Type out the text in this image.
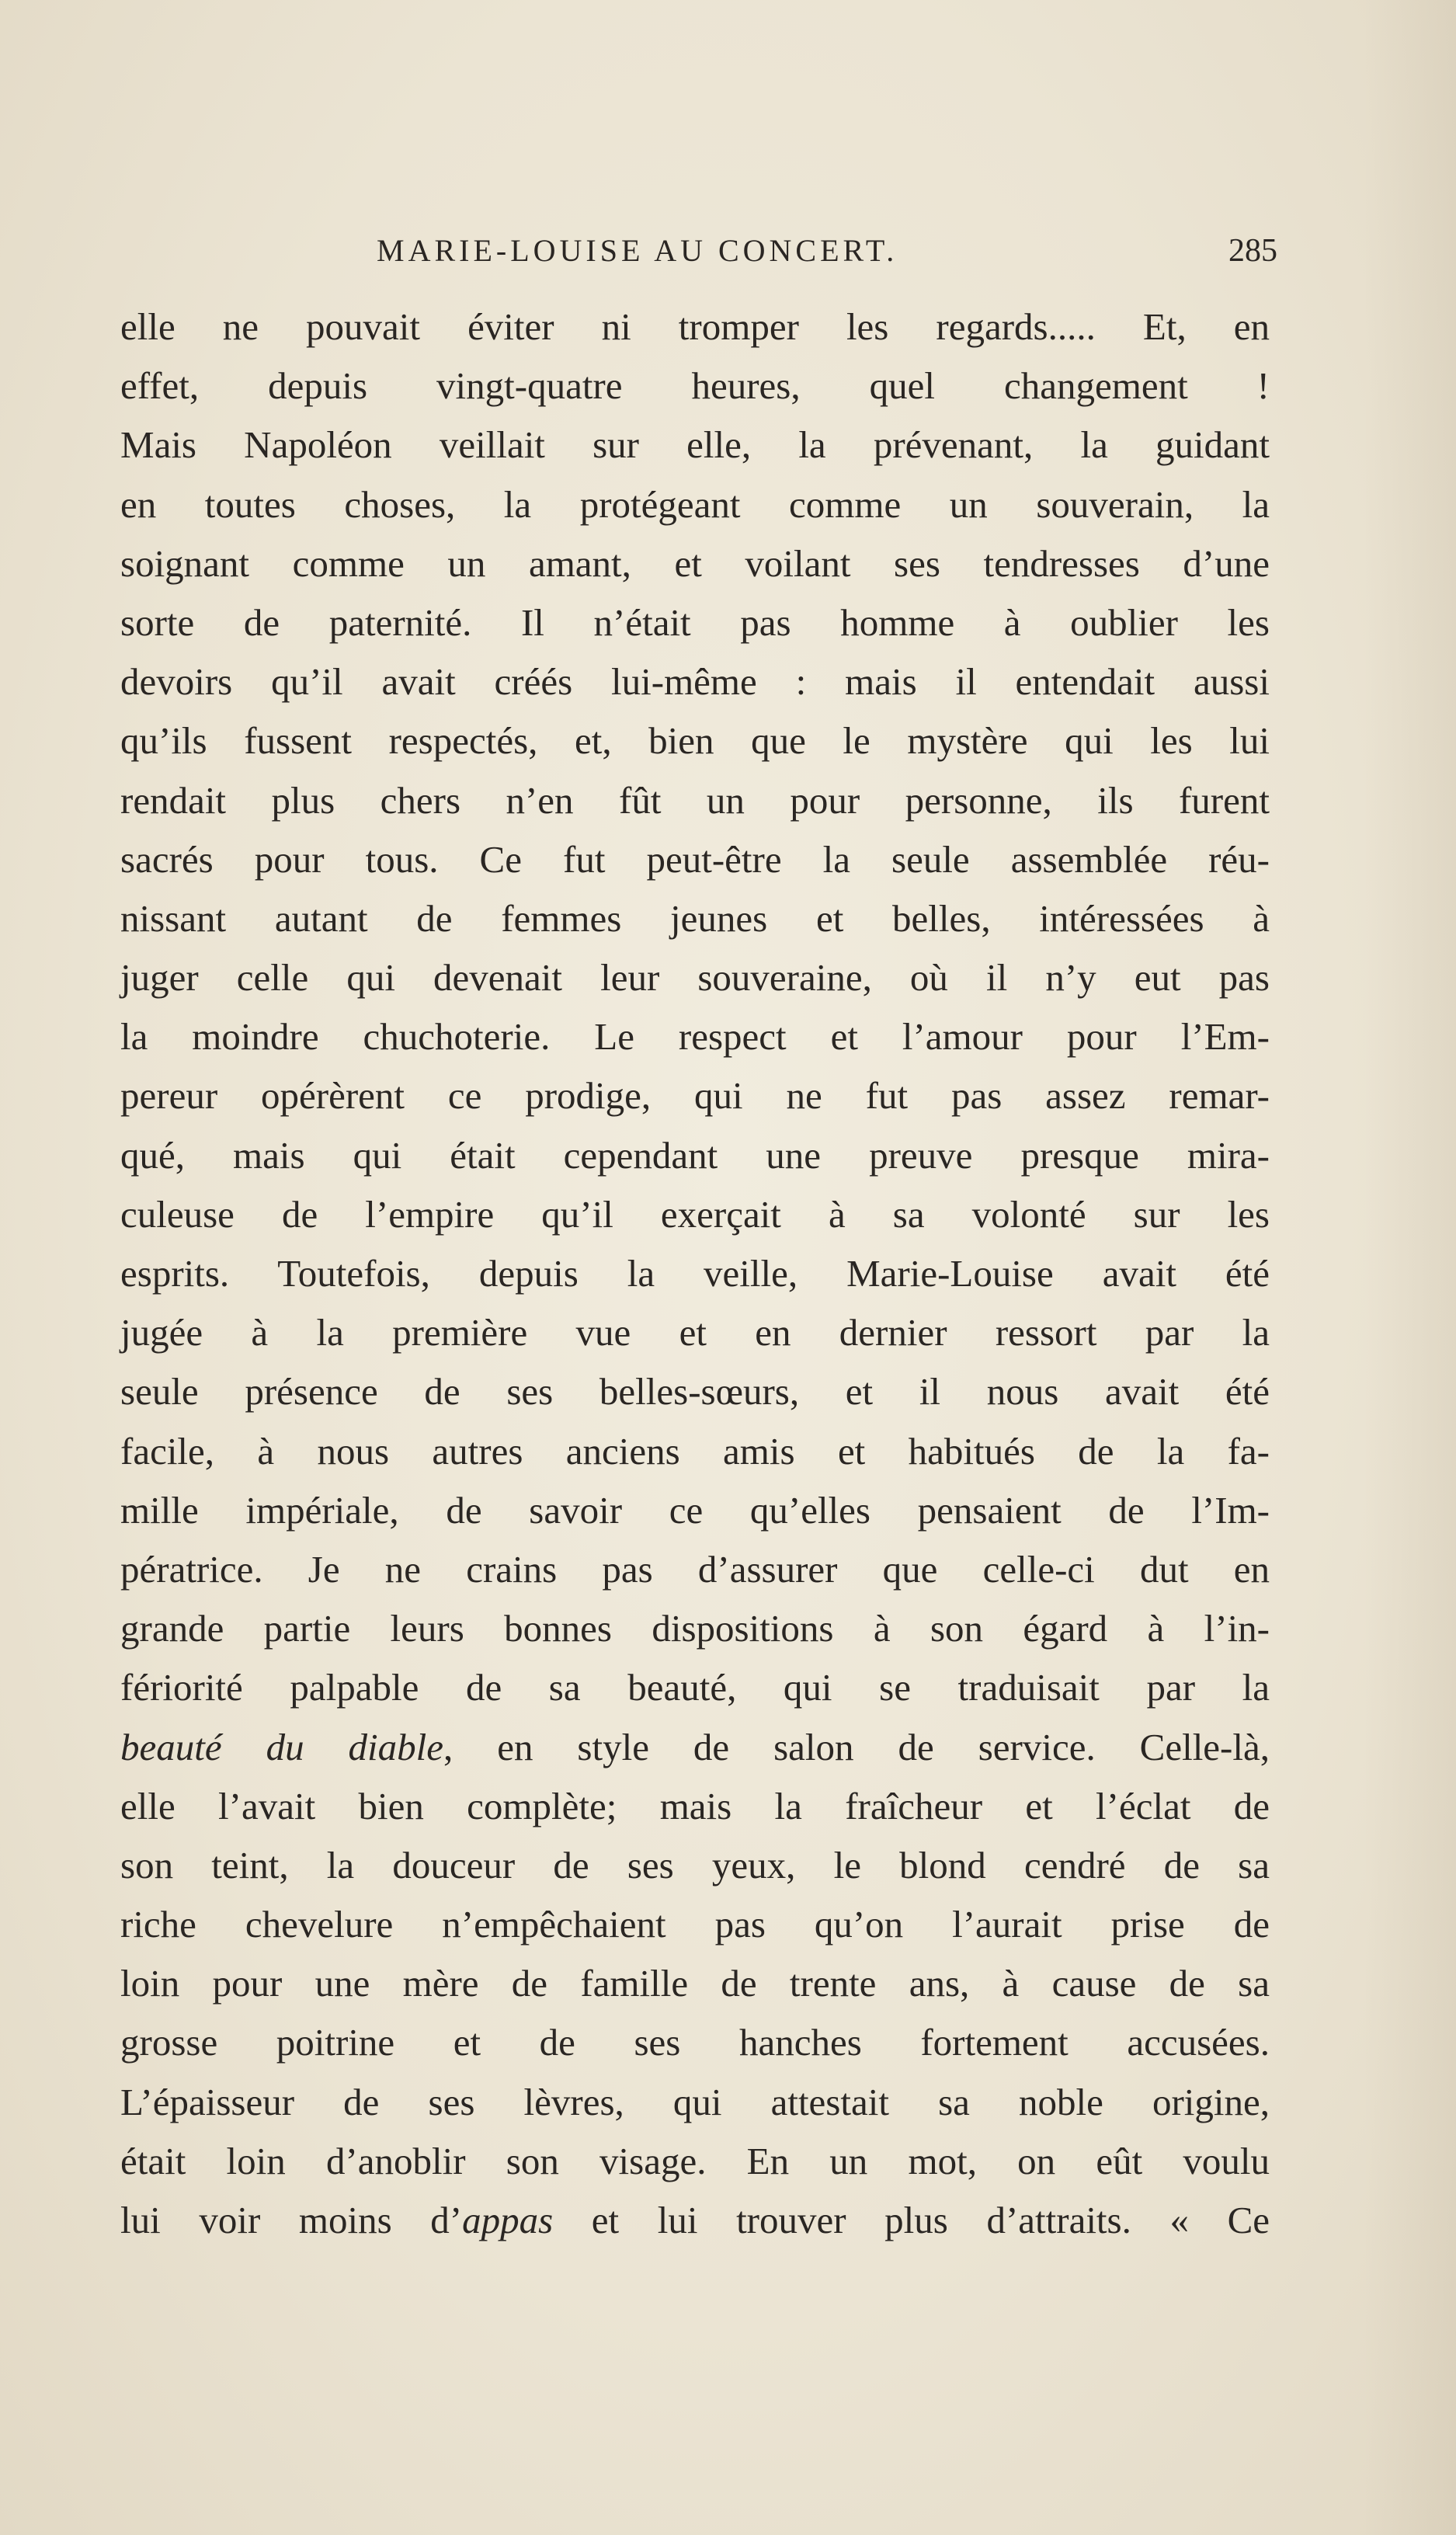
MARIE-LOUISE AU CONCERT.	285
elle ne pouvait éviter ni tromper les regards..... Et, en
effet, depuis vingt-quatre heures, quel changement !
Mais Napoléon veillait sur elle, la prévenant, la guidant
en toutes choses, la protégeant comme un souverain, la
soignant comme un amant, et voilant ses tendresses d’une
sorte de paternité. Il n’était pas homme à oublier les
devoirs qu’il avait créés lui-même : mais il entendait aussi
qu’ils fussent respectés, et, bien que le mystère qui les lui
rendait plus chers n’en fût un pour personne, ils furent
sacrés pour tous. Ce fut peut-être la seule assemblée réu-
nissant autant de femmes jeunes et belles, intéressées à
juger celle qui devenait leur souveraine, où il n’y eut pas
la moindre chuchoterie. Le respect et l’amour pour l’Em-
pereur opérèrent ce prodige, qui ne fut pas assez remar-
qué, mais qui était cependant une preuve presque mira-
culeuse de l’empire qu’il exerçait à sa volonté sur les
esprits. Toutefois, depuis la veille, Marie-Louise avait été
jugée à la première vue et en dernier ressort par la
seule présence de ses belles-sœurs, et il nous avait été
facile, à nous autres anciens amis et habitués de la fa-
mille impériale, de savoir ce qu’elles pensaient de l’Im-
pératrice. Je ne crains pas d’assurer que celle-ci dut en
grande partie leurs bonnes dispositions à son égard à l’in-
fériorité palpable de sa beauté, qui se traduisait par la
beauté du diable, en style de salon de service. Celle-là,
elle l’avait bien complète; mais la fraîcheur et l’éclat de
son teint, la douceur de ses yeux, le blond cendré de sa
riche chevelure n’empêchaient pas qu’on l’aurait prise de
loin pour une mère de famille de trente ans, à cause de sa
grosse poitrine et de ses hanches fortement accusées.
L’épaisseur de ses lèvres, qui attestait sa noble origine,
était loin d’anoblir son visage. En un mot, on eût voulu
lui voir moins d’appas et lui trouver plus d’attraits. « Ce
